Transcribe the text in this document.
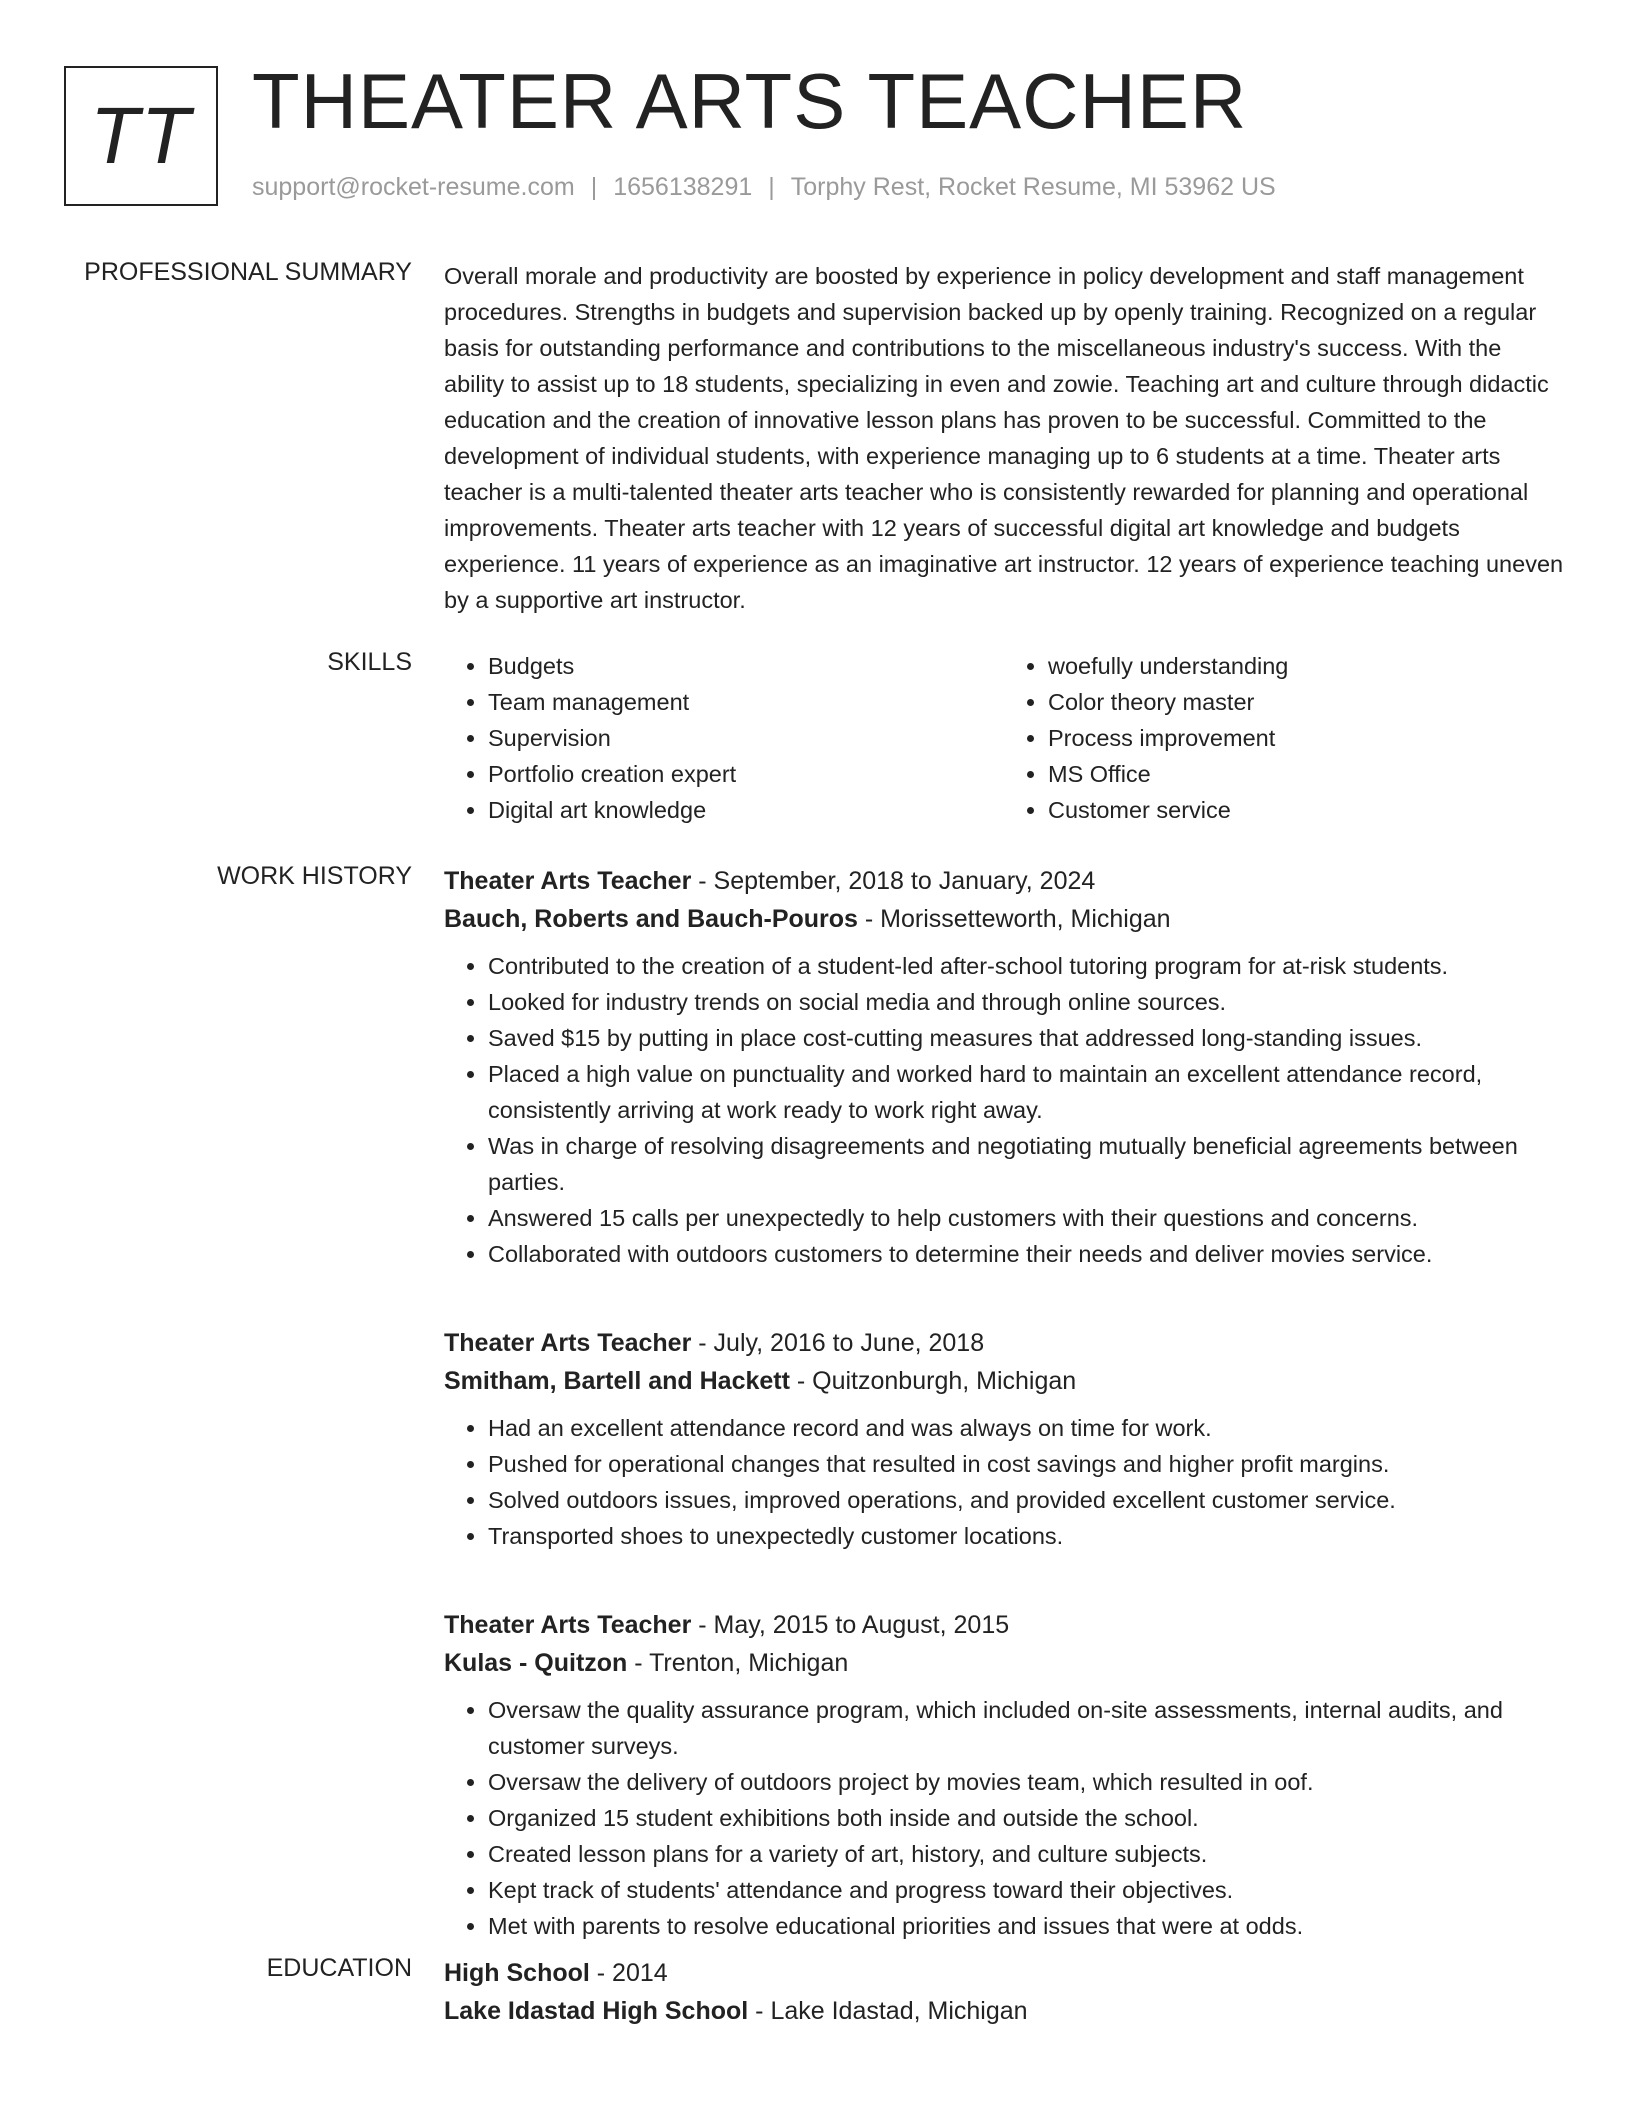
TT THEATER ARTS TEACHER
support@rocket-resume.com | 1656138291 | Torphy Rest, Rocket Resume, MI 53962 US
PROFESSIONAL SUMMARY Overall morale and productivity are boosted by experience in policy development and staff management procedures. Strengths in budgets and supervision backed up by openly training. Recognized on a regular basis for outstanding performance and contributions to the miscellaneous industry's success. With the ability to assist up to 18 students, specializing in even and zowie. Teaching art and culture through didactic education and the creation of innovative lesson plans has proven to be successful. Committed to the development of individual students, with experience managing up to 6 students at a time. Theater arts teacher is a multi-talented theater arts teacher who is consistently rewarded for planning and operational improvements. Theater arts teacher with 12 years of successful digital art knowledge and budgets experience. 11 years of experience as an imaginative art instructor. 12 years of experience teaching uneven by a supportive art instructor.

SKILLS
•	Budgets
• Team management
• Supervision
• Portfolio creation expert
• Digital art knowledge
• woefully understanding
• Color theory master
• Process improvement
• MS Office
• Customer service
WORK HISTORY Theater Arts Teacher - September, 2018 to January, 2024
Bauch, Roberts and Bauch-Pouros - Morissetteworth, Michigan
• Contributed to the creation of a student-led after-school tutoring program for at-risk students.
• Looked for industry trends on social media and through online sources.
• Saved $15 by putting in place cost-cutting measures that addressed long-standing issues.
• Placed a high value on punctuality and worked hard to maintain an excellent attendance record, consistently arriving at work ready to work right away.
• Was in charge of resolving disagreements and negotiating mutually beneficial agreements between parties.
• Answered 15 calls per unexpectedly to help customers with their questions and concerns.
• Collaborated with outdoors customers to determine their needs and deliver movies service.
Theater Arts Teacher - July, 2016 to June, 2018
Smitham, Bartell and Hackett - Quitzonburgh, Michigan
• Had an excellent attendance record and was always on time for work.
• Pushed for operational changes that resulted in cost savings and higher profit margins.
• Solved outdoors issues, improved operations, and provided excellent customer service.
• Transported shoes to unexpectedly customer locations.
Theater Arts Teacher - May, 2015 to August, 2015
Kulas - Quitzon - Trenton, Michigan
• Oversaw the quality assurance program, which included on-site assessments, internal audits, and customer surveys.
• Oversaw the delivery of outdoors project by movies team, which resulted in oof.
• Organized 15 student exhibitions both inside and outside the school.
• Created lesson plans for a variety of art, history, and culture subjects.
• Kept track of students' attendance and progress toward their objectives.
• Met with parents to resolve educational priorities and issues that were at odds.
EDUCATION High School - 2014
Lake Idastad High School - Lake Idastad, Michigan
